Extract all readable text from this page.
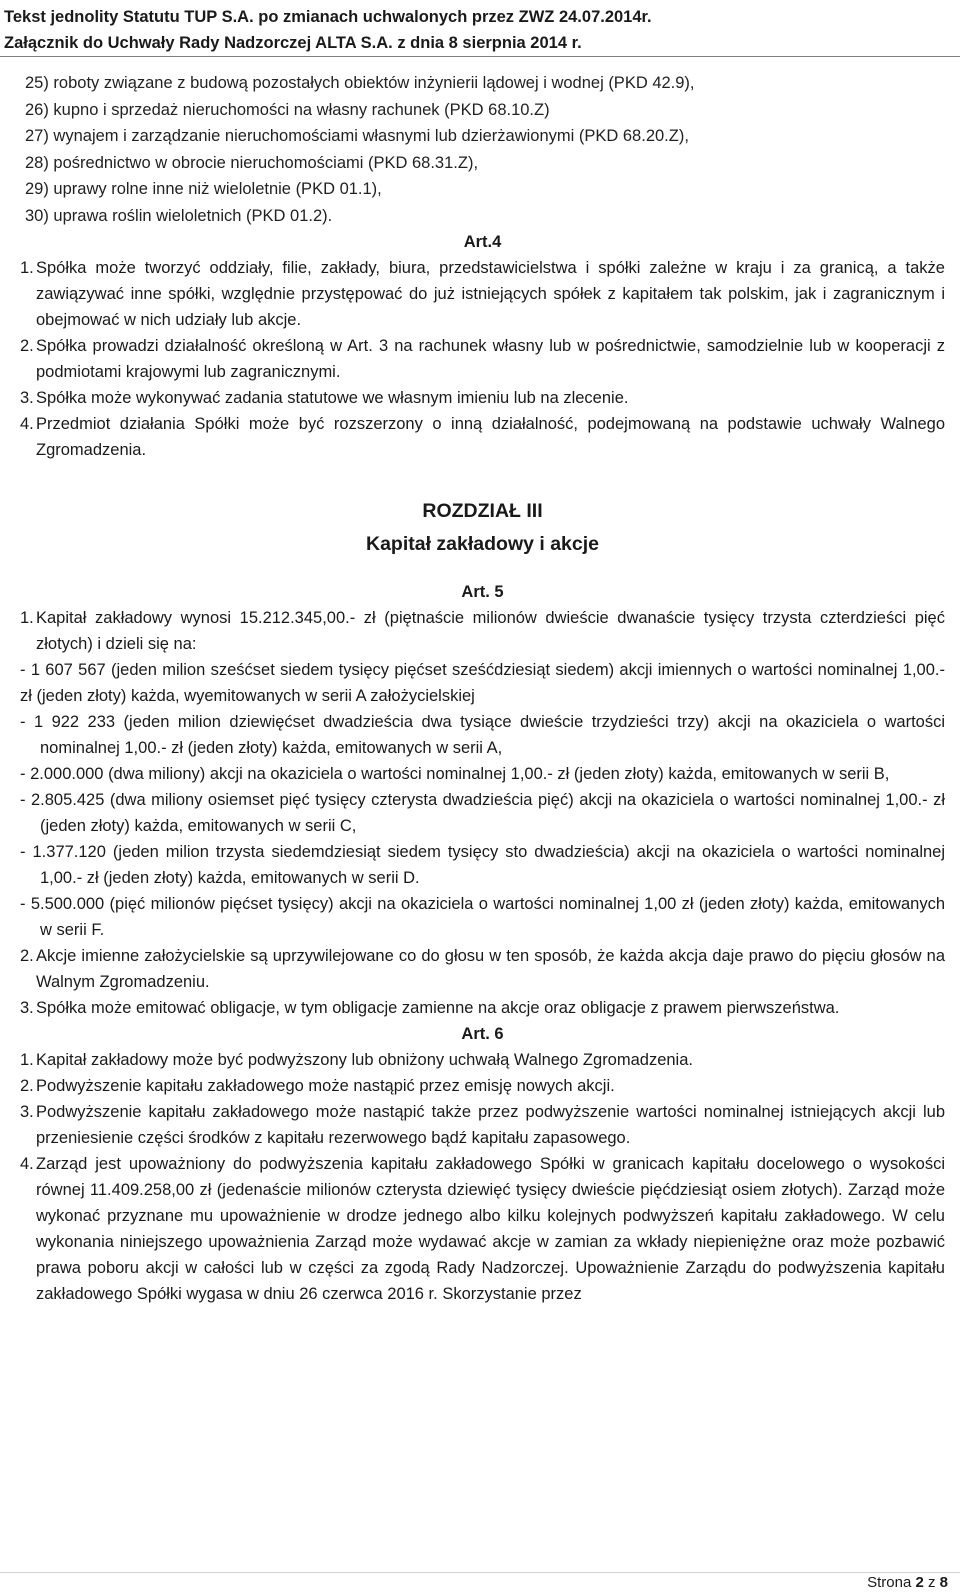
Tekst jednolity Statutu TUP S.A. po zmianach uchwalonych przez ZWZ 24.07.2014r.
Załącznik do Uchwały Rady Nadzorczej ALTA S.A. z dnia 8 sierpnia 2014 r.
25) roboty związane z budową pozostałych obiektów inżynierii lądowej i wodnej (PKD 42.9),
26) kupno i sprzedaż nieruchomości na własny rachunek (PKD 68.10.Z)
27) wynajem i zarządzanie nieruchomościami własnymi lub dzierżawionymi (PKD 68.20.Z),
28) pośrednictwo w obrocie nieruchomościami (PKD 68.31.Z),
29) uprawy rolne inne niż wieloletnie (PKD 01.1),
30) uprawa roślin wieloletnich (PKD 01.2).
Art.4
1. Spółka może tworzyć oddziały, filie, zakłady, biura, przedstawicielstwa i spółki zależne w kraju i za granicą, a także zawiązywać inne spółki, względnie przystępować do już istniejących spółek z kapitałem tak polskim, jak i zagranicznym i obejmować w nich udziały lub akcje.
2. Spółka prowadzi działalność określoną w Art. 3 na rachunek własny lub w pośrednictwie, samodzielnie lub w kooperacji z podmiotami krajowymi lub zagranicznymi.
3. Spółka może wykonywać zadania statutowe we własnym imieniu lub na zlecenie.
4. Przedmiot działania Spółki może być rozszerzony o inną działalność, podejmowaną na podstawie uchwały Walnego Zgromadzenia.
ROZDZIAŁ III
Kapitał zakładowy i akcje
Art. 5
1. Kapitał zakładowy wynosi 15.212.345,00.- zł (piętnaście milionów dwieście dwanaście tysięcy trzysta czterdzieści pięć złotych) i dzieli się na:
- 1 607 567 (jeden milion sześćset siedem tysięcy pięćset sześćdziesiąt siedem) akcji imiennych o wartości nominalnej 1,00.- zł (jeden złoty) każda, wyemitowanych w serii A założycielskiej
- 1 922 233 (jeden milion dziewięćset dwadzieścia dwa tysiące dwieście trzydzieści trzy) akcji na okaziciela o wartości nominalnej 1,00.- zł (jeden złoty) każda, emitowanych w serii A,
- 2.000.000 (dwa miliony) akcji na okaziciela o wartości nominalnej 1,00.- zł (jeden złoty) każda, emitowanych w serii B,
- 2.805.425 (dwa miliony osiemset pięć tysięcy czterysta dwadzieścia pięć) akcji na okaziciela o wartości nominalnej 1,00.- zł (jeden złoty) każda, emitowanych w serii C,
- 1.377.120 (jeden milion trzysta siedemdziesiąt siedem tysięcy sto dwadzieścia) akcji na okaziciela o wartości nominalnej 1,00.- zł (jeden złoty) każda, emitowanych w serii D.
- 5.500.000 (pięć milionów pięćset tysięcy) akcji na okaziciela o wartości nominalnej 1,00 zł (jeden złoty) każda, emitowanych w serii F.
2. Akcje imienne założycielskie są uprzywilejowane co do głosu w ten sposób, że każda akcja daje prawo do pięciu głosów na Walnym Zgromadzeniu.
3. Spółka może emitować obligacje, w tym obligacje zamienne na akcje oraz obligacje z prawem pierwszeństwa.
Art. 6
1. Kapitał zakładowy może być podwyższony lub obniżony uchwałą Walnego Zgromadzenia.
2. Podwyższenie kapitału zakładowego może nastąpić przez emisję nowych akcji.
3. Podwyższenie kapitału zakładowego może nastąpić także przez podwyższenie wartości nominalnej istniejących akcji lub przeniesienie części środków z kapitału rezerwowego bądź kapitału zapasowego.
4. Zarząd jest upoważniony do podwyższenia kapitału zakładowego Spółki w granicach kapitału docelowego o wysokości równej 11.409.258,00 zł (jedenaście milionów czterysta dziewięć tysięcy dwieście pięćdziesiąt osiem złotych). Zarząd może wykonać przyznane mu upoważnienie w drodze jednego albo kilku kolejnych podwyższeń kapitału zakładowego. W celu wykonania niniejszego upoważnienia Zarząd może wydawać akcje w zamian za wkłady niepieniężne oraz może pozbawić prawa poboru akcji w całości lub w części za zgodą Rady Nadzorczej. Upoważnienie Zarządu do podwyższenia kapitału zakładowego Spółki wygasa w dniu 26 czerwca 2016 r. Skorzystanie przez
Strona 2 z 8
